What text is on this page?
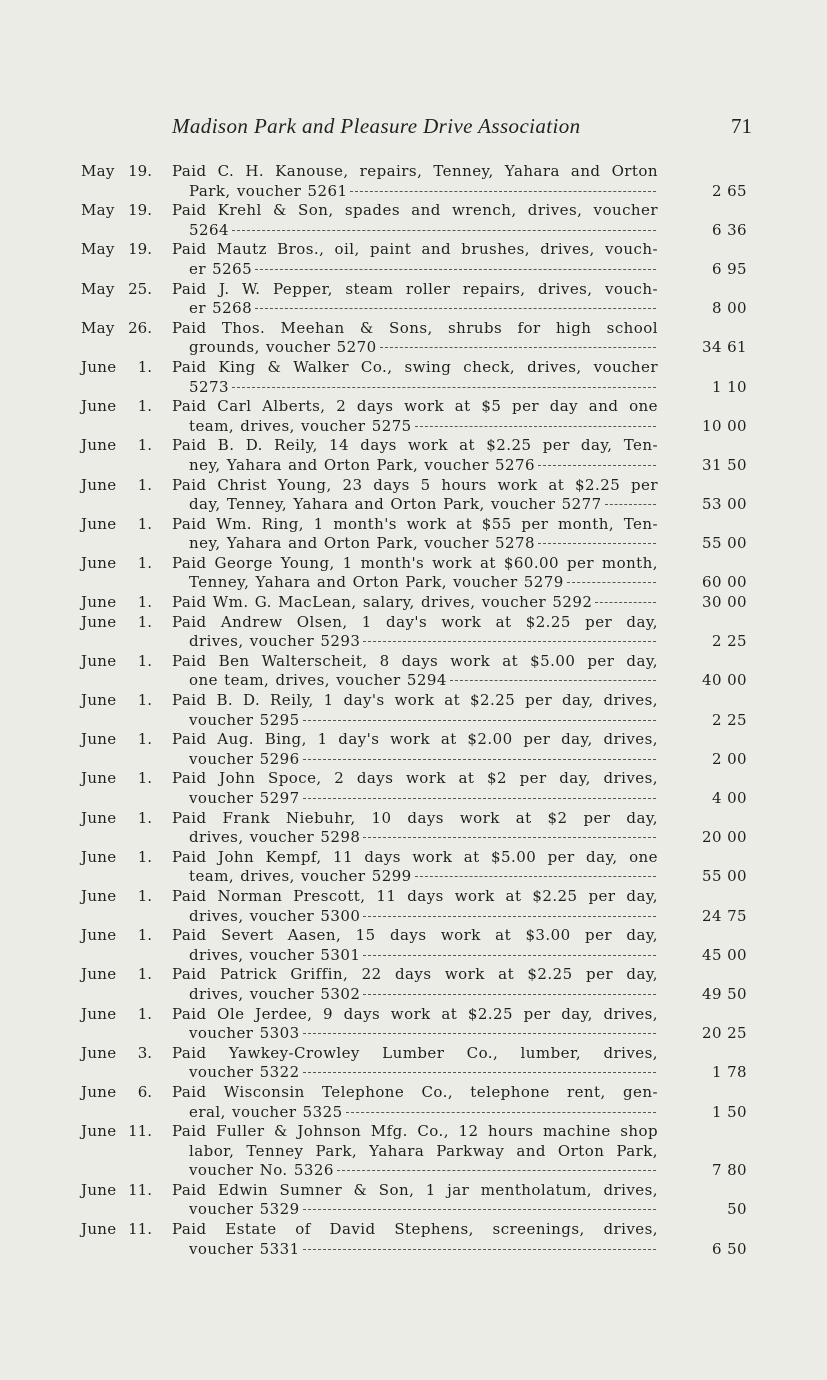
Madison Park and Pleasure Drive Association	71
May 19. Paid C. H. Kanouse, repairs, Tenney, Yahara and Orton
Park, voucher 5261	2 65
May 19. Paid Krehl & Son, spades and wrench, drives, voucher
5264	6 36
May 19. Paid Mautz Bros., oil, paint and brushes, drives, vouch-
er 5265	6 95
May 25. Paid J. W. Pepper, steam roller repairs, drives, vouch-
er 5268	8 00
May 26. Paid Thos. Meehan & Sons, shrubs for high school
grounds, voucher 5270	34 61
June	1. Paid King & Walker Co., swing check, drives, voucher
5273	1 10
June	1. Paid Carl Alberts, 2 days work at $5 per day and one
team, drives, voucher 5275	10 00
June	1. Paid B. D. Reily, 14 days work at $2.25 per day, Ten-
ney, Yahara and Orton Park, voucher 5276	31 50
June	1. Paid Christ Young, 23 days 5 hours work at $2.25 per
day, Tenney, Yahara and Orton Park, voucher 5277	53 00
June	1. Paid Wm. Ring, 1 month's work at $55 per month, Ten-
ney, Yahara and Orton Park, voucher 5278	55 00
June	1. Paid George Young, 1 month's work at $60.00 per month,
Tenney, Yahara and Orton Park, voucher 5279	60 00
June	1. Paid Wm. G. MacLean, salary, drives, voucher 5292	30 00
June	1. Paid Andrew Olsen, 1 day's work at $2.25 per day,
drives, voucher 5293	2 25
June	1. Paid Ben Walterscheit, 8 days work at $5.00 per day,
one team, drives, voucher 5294	40 00
June	1. Paid B. D. Reily, 1 day's work at $2.25 per day, drives,
voucher 5295	2 25
June	1. Paid Aug. Bing, 1 day's work at $2.00 per day, drives,
voucher 5296	2 00
June	1. Paid John Spoce, 2 days work at $2 per day, drives,
voucher 5297	4 00
June	1. Paid Frank Niebuhr, 10 days work at $2 per day,
drives, voucher 5298	20 00
June	1. Paid John Kempf, 11 days work at $5.00 per day, one
team, drives, voucher 5299	55 00
June	1. Paid Norman Prescott, 11 days work at $2.25 per day,
drives, voucher 5300	24 75
June	1. Paid Severt Aasen, 15 days work at $3.00 per day,
drives, voucher 5301	45 00
June	1. Paid Patrick Griffin, 22 days work at $2.25 per day,
drives, voucher 5302	49 50
June	1. Paid Ole Jerdee, 9 days work at $2.25 per day, drives,
voucher 5303	20 25
June	3. Paid Yawkey-Crowley Lumber Co., lumber, drives,
voucher 5322	1 78
June	6. Paid Wisconsin Telephone Co., telephone rent, gen-
eral, voucher 5325	1 50
June 11. Paid Fuller & Johnson Mfg. Co., 12 hours machine shop
labor, Tenney Park, Yahara Parkway and Orton Park,
voucher No. 5326	7 80
June 11. Paid Edwin Sumner & Son, 1 jar mentholatum, drives,
voucher 5329	50
June 11. Paid Estate of David Stephens, screenings, drives,
voucher 5331	6 50
